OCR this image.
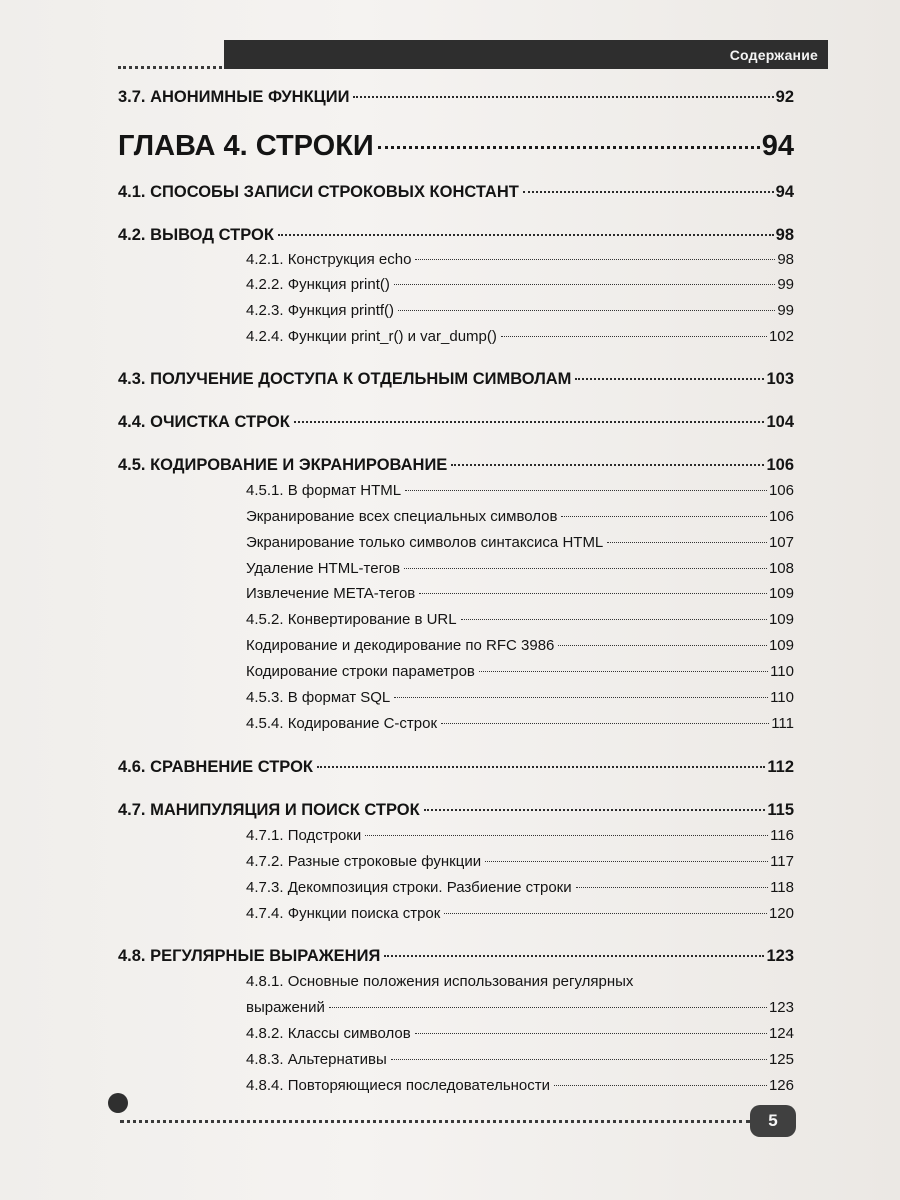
Содержание
3.7. АНОНИМНЫЕ ФУНКЦИИ	92
ГЛАВА 4. СТРОКИ	94
4.1. СПОСОБЫ ЗАПИСИ СТРОКОВЫХ КОНСТАНТ	94
4.2. ВЫВОД СТРОК	98
4.2.1. Конструкция echo	98
4.2.2. Функция print()	99
4.2.3. Функция printf()	99
4.2.4. Функции print_r() и var_dump()	102
4.3. ПОЛУЧЕНИЕ ДОСТУПА К ОТДЕЛЬНЫМ СИМВОЛАМ	103
4.4. ОЧИСТКА СТРОК	104
4.5. КОДИРОВАНИЕ И ЭКРАНИРОВАНИЕ	106
4.5.1. В формат HTML	106
Экранирование всех специальных символов	106
Экранирование только символов синтаксиса HTML	107
Удаление HTML-тегов	108
Извлечение META-тегов	109
4.5.2. Конвертирование в URL	109
Кодирование и декодирование по RFC 3986	109
Кодирование строки параметров	110
4.5.3. В формат SQL	110
4.5.4. Кодирование C-строк	111
4.6. СРАВНЕНИЕ СТРОК	112
4.7. МАНИПУЛЯЦИЯ И ПОИСК СТРОК	115
4.7.1. Подстроки	116
4.7.2. Разные строковые функции	117
4.7.3. Декомпозиция строки. Разбиение строки	118
4.7.4. Функции поиска строк	120
4.8. РЕГУЛЯРНЫЕ ВЫРАЖЕНИЯ	123
4.8.1. Основные положения использования регулярных
выражений	123
4.8.2. Классы символов	124
4.8.3. Альтернативы	125
4.8.4. Повторяющиеся последовательности	126
5
